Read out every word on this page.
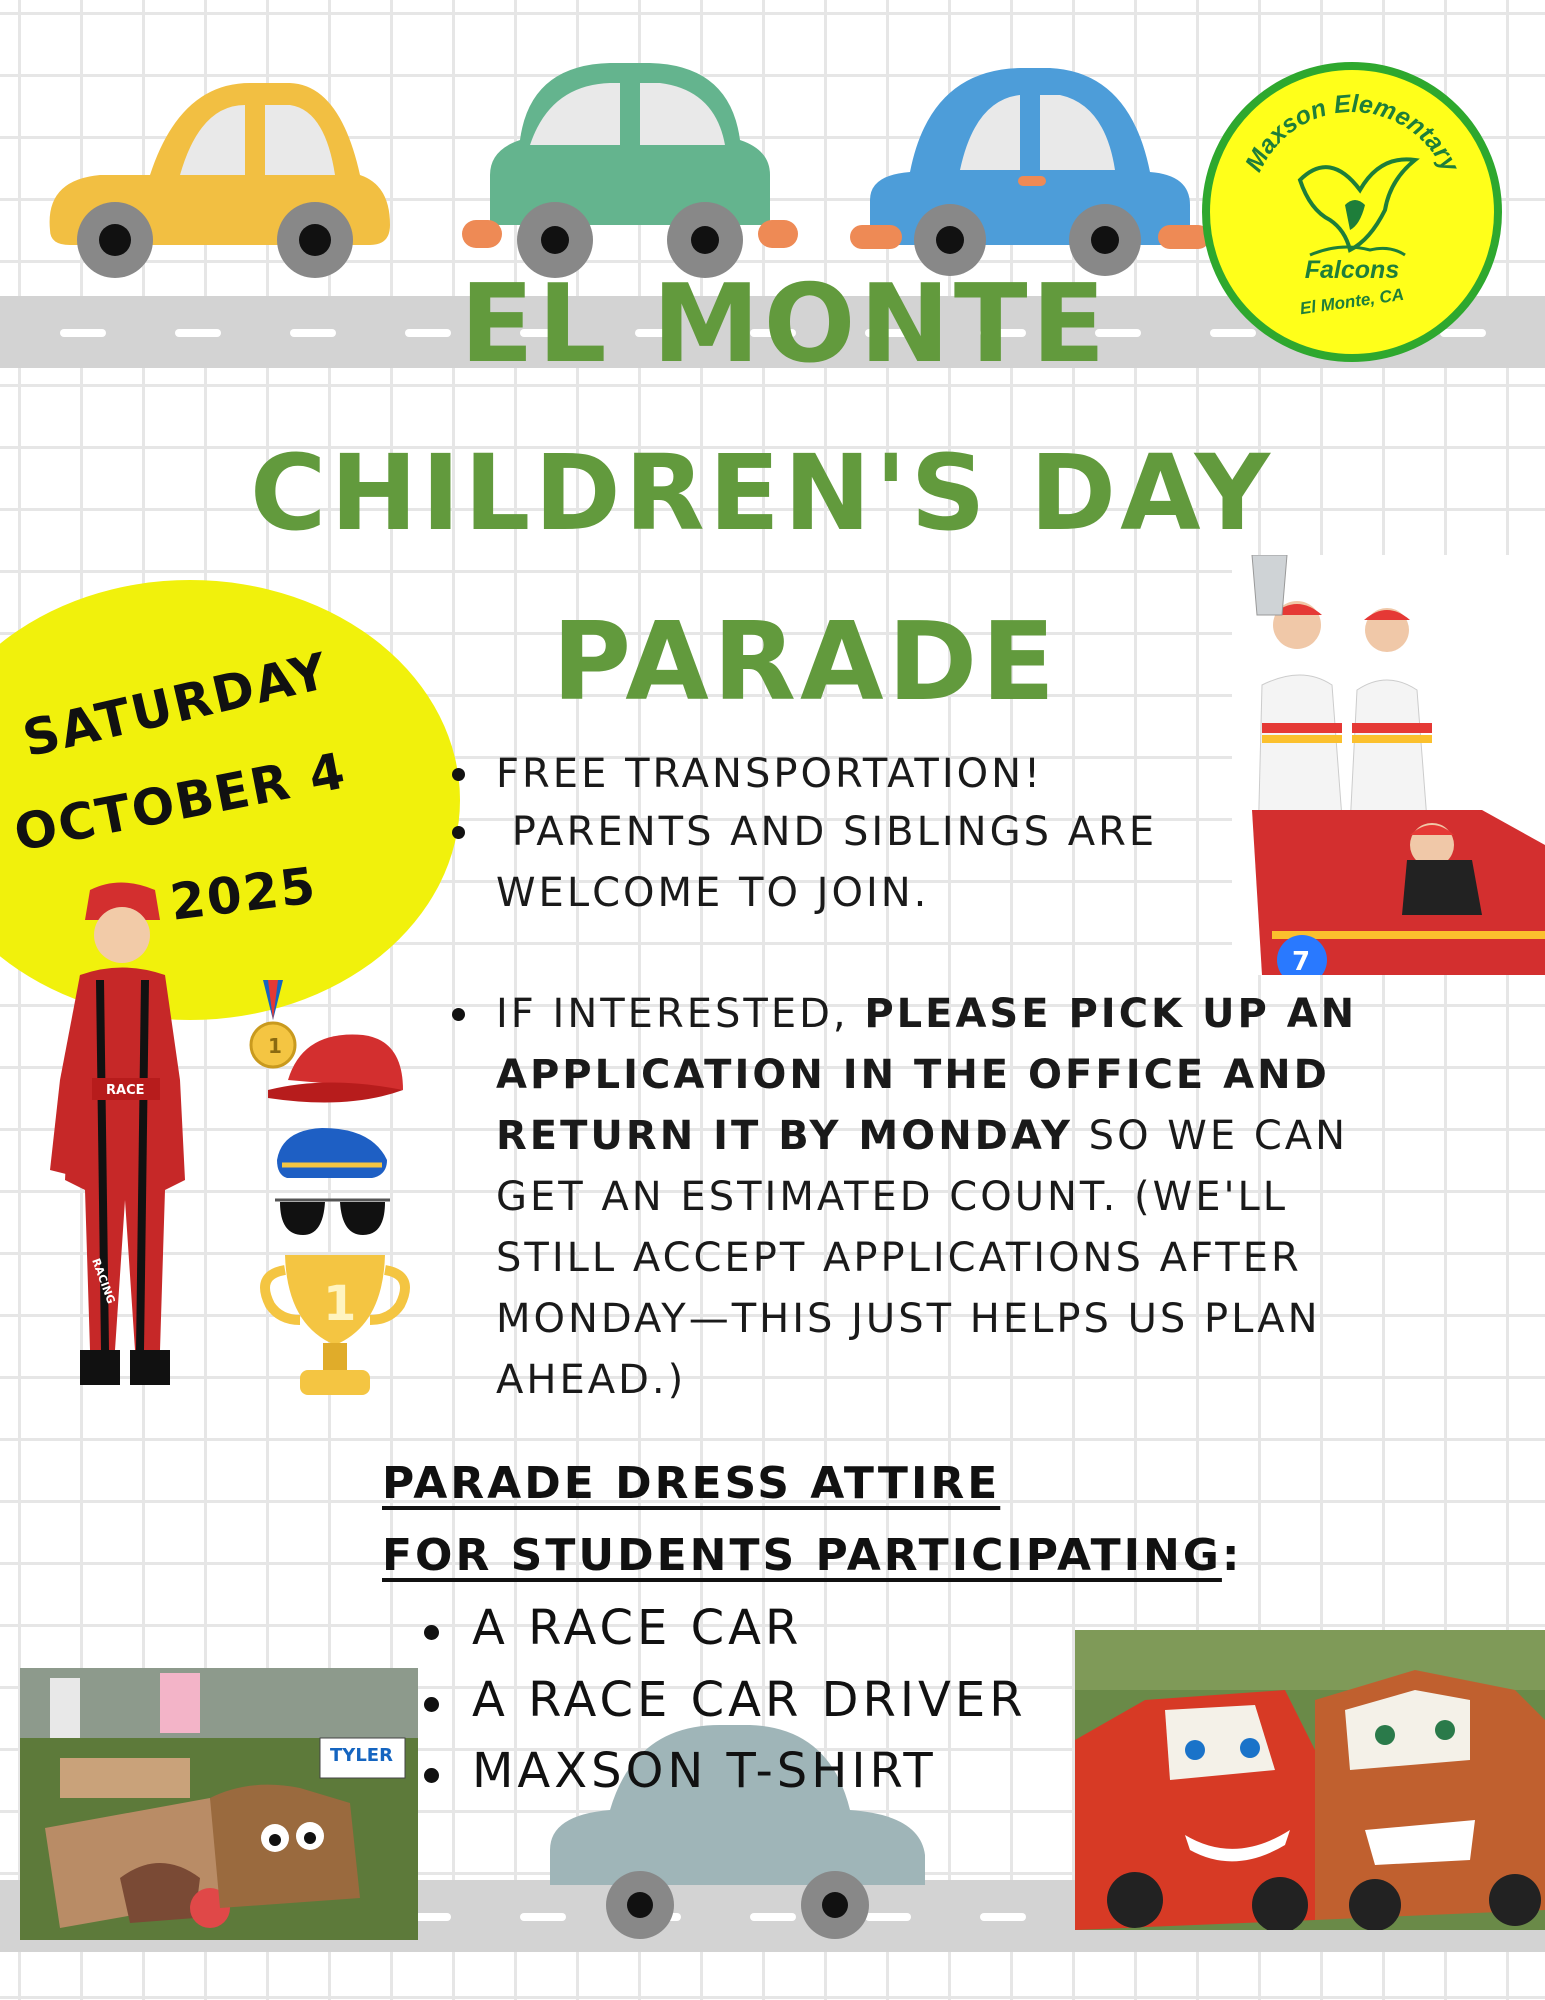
Maxson Elementary
Falcons
El Monte, CA
EL MONTE
CHILDREN'S DAY
PARADE
SATURDAY
OCTOBER 4
2025
FREE TRANSPORTATION!
PARENTS AND SIBLINGS ARE
WELCOME TO JOIN.
IF INTERESTED, PLEASE PICK UP AN
APPLICATION IN THE OFFICE AND
RETURN IT BY MONDAY SO WE CAN
GET AN ESTIMATED COUNT. (WE'LL
STILL ACCEPT APPLICATIONS AFTER
MONDAY—THIS JUST HELPS US PLAN
AHEAD.)
PARADE DRESS ATTIRE
FOR STUDENTS PARTICIPATING:
A RACE CAR
A RACE CAR DRIVER
MAXSON T-SHIRT
7
RACE
RACING
1
1
TYLER
